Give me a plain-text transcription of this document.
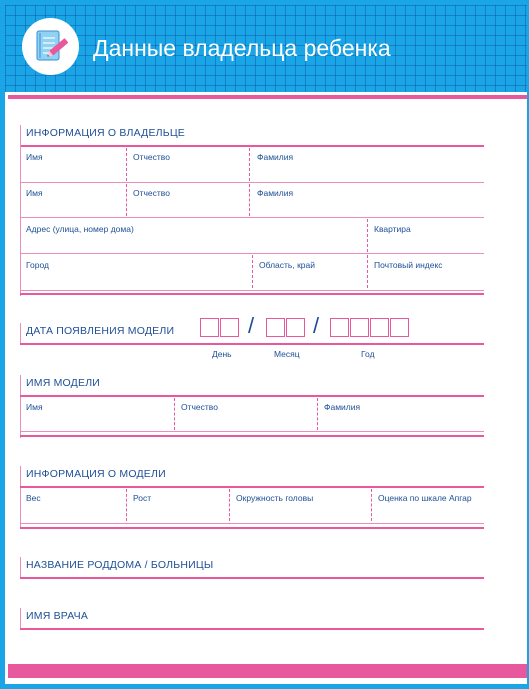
Данные владельца ребенка
ИНФОРМАЦИЯ О ВЛАДЕЛЬЦЕ
Имя	Отчество	Фамилия
Имя	Отчество	Фамилия
Адрес (улица, номер дома)	Квартира
Город	Область, край	Почтовый индекс
ДАТА ПОЯВЛЕНИЯ МОДЕЛИ	/	/
День	Месяц	Год
ИМЯ МОДЕЛИ
Имя	Отчество	Фамилия
ИНФОРМАЦИЯ О МОДЕЛИ
Вес	Рост	Окружность головы	Оценка по шкале Апгар
НАЗВАНИЕ РОДДОМА / БОЛЬНИЦЫ
ИМЯ ВРАЧА
